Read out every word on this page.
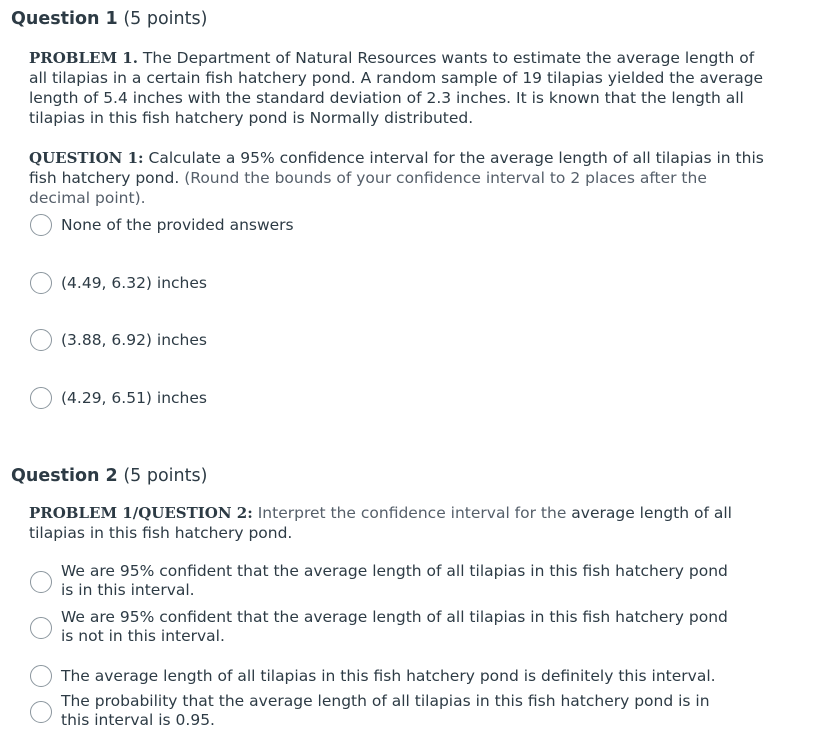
Question 1 (5 points)
PROBLEM 1. The Department of Natural Resources wants to estimate the average length of all tilapias in a certain fish hatchery pond. A random sample of 19 tilapias yielded the average length of 5.4 inches with the standard deviation of 2.3 inches. It is known that the length all tilapias in this fish hatchery pond is Normally distributed.
QUESTION 1: Calculate a 95% confidence interval for the average length of all tilapias in this fish hatchery pond. (Round the bounds of your confidence interval to 2 places after the decimal point).
None of the provided answers
(4.49, 6.32) inches
(3.88, 6.92) inches
(4.29, 6.51) inches
Question 2 (5 points)
PROBLEM 1/QUESTION 2: Interpret the confidence interval for the average length of all tilapias in this fish hatchery pond.
We are 95% confident that the average length of all tilapias in this fish hatchery pond is in this interval.
We are 95% confident that the average length of all tilapias in this fish hatchery pond is not in this interval.
The average length of all tilapias in this fish hatchery pond is definitely this interval.
The probability that the average length of all tilapias in this fish hatchery pond is in this interval is 0.95.
